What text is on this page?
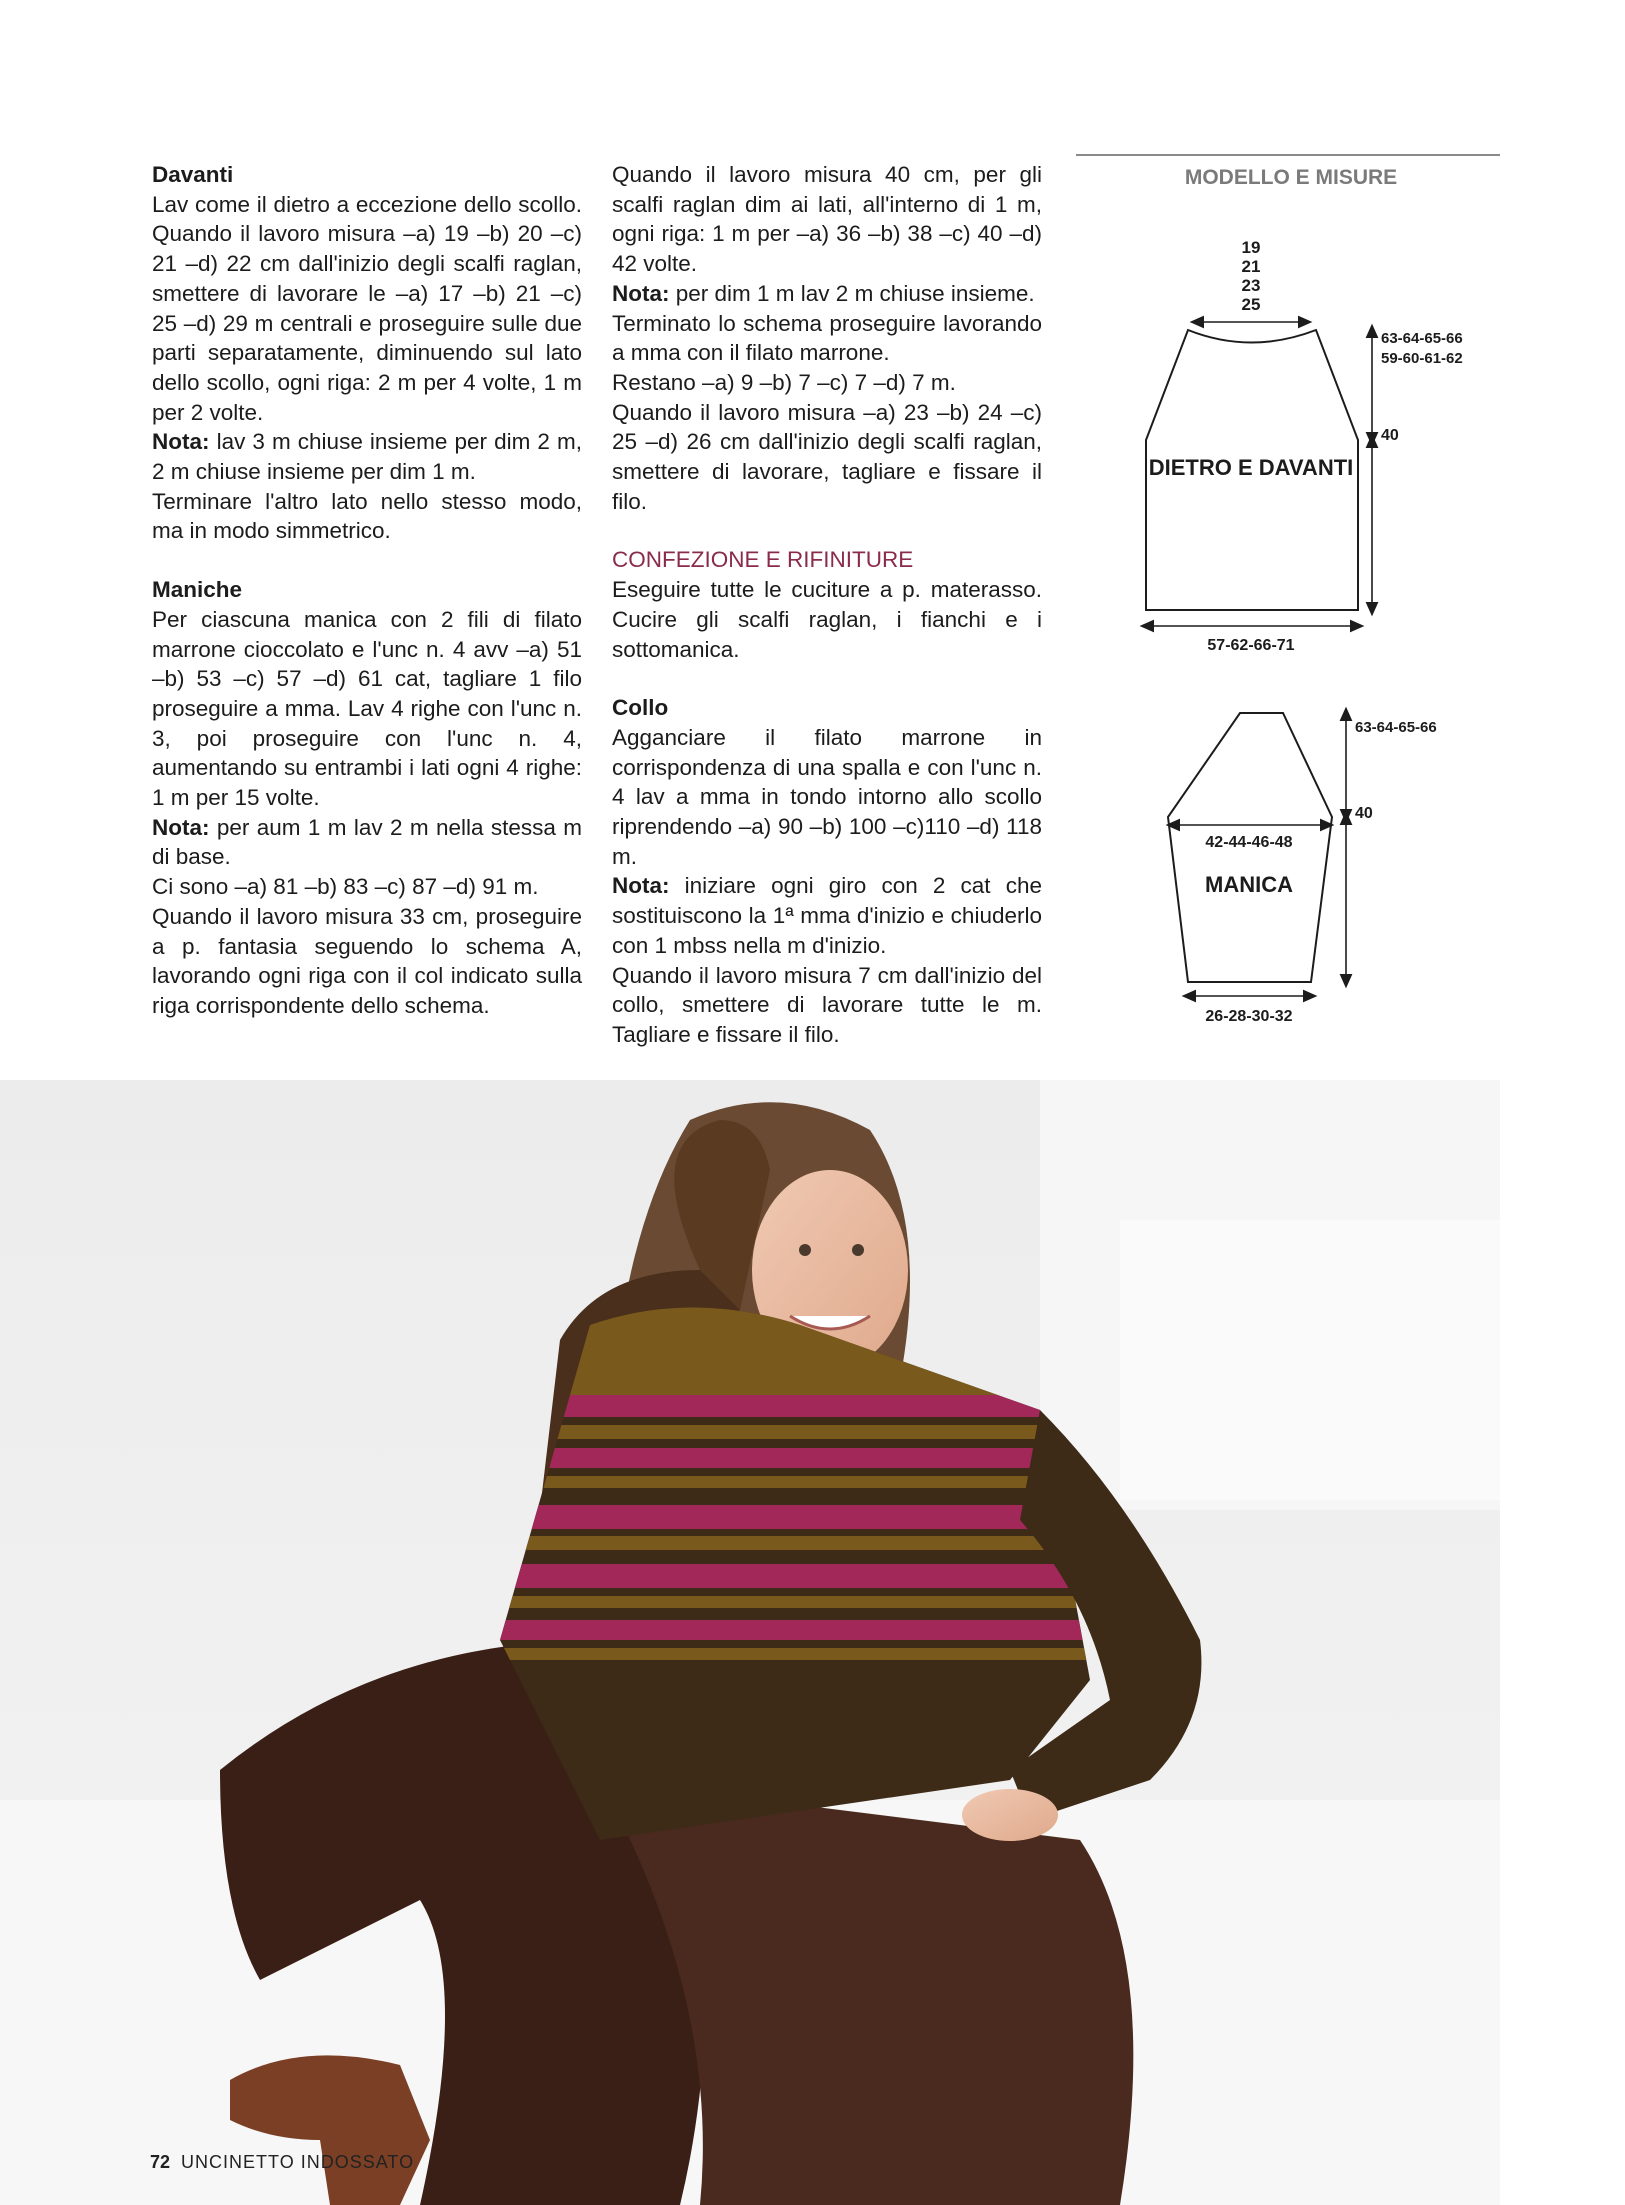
Davanti

Lav come il dietro a eccezione dello scollo. Quando il lavoro misura –a) 19 –b) 20 –c) 21 –d) 22 cm dall'inizio degli scalfi raglan, smettere di lavorare le –a) 17 –b) 21 –c) 25 –d) 29 m centrali e proseguire sulle due parti separatamente, diminuendo sul lato dello scollo, ogni riga: 2 m per 4 volte, 1 m per 2 volte.

Nota: lav 3 m chiuse insieme per dim 2 m, 2 m chiuse insieme per dim 1 m.

Terminare l'altro lato nello stesso modo, ma in modo simmetrico.

Maniche

Per ciascuna manica con 2 fili di filato marrone cioccolato e l'unc n. 4 avv –a) 51 –b) 53 –c) 57 –d) 61 cat, tagliare 1 filo proseguire a mma. Lav 4 righe con l'unc n. 3, poi proseguire con l'unc n. 4, aumentando su entrambi i lati ogni 4 righe: 1 m per 15 volte.

Nota: per aum 1 m lav 2 m nella stessa m di base.

Ci sono –a) 81 –b) 83 –c) 87 –d) 91 m.

Quando il lavoro misura 33 cm, proseguire a p. fantasia seguendo lo schema A, lavorando ogni riga con il col indicato sulla riga corrispondente dello schema.

Quando il lavoro misura 40 cm, per gli scalfi raglan dim ai lati, all'interno di 1 m, ogni riga: 1 m per –a) 36 –b) 38 –c) 40 –d) 42 volte.

Nota: per dim 1 m lav 2 m chiuse insieme.

Terminato lo schema proseguire lavorando a mma con il filato marrone.

Restano –a) 9 –b) 7 –c) 7 –d) 7 m.

Quando il lavoro misura –a) 23 –b) 24 –c) 25 –d) 26 cm dall'inizio degli scalfi raglan, smettere di lavorare, tagliare e fissare il filo.

CONFEZIONE E RIFINITURE

Eseguire tutte le cuciture a p. materasso. Cucire gli scalfi raglan, i fianchi e i sottomanica.

Collo

Agganciare il filato marrone in corrispondenza di una spalla e con l'unc n. 4 lav a mma in tondo intorno allo scollo riprendendo –a) 90 –b) 100 –c)110 –d) 118 m.

Nota: iniziare ogni giro con 2 cat che sostituiscono la 1ª mma d'inizio e chiuderlo con 1 mbss nella m d'inizio.

Quando il lavoro misura 7 cm dall'inizio del collo, smettere di lavorare tutte le m. Tagliare e fissare il filo.

MODELLO E MISURE
19
21
23
25
DIETRO E DAVANTI
57-62-66-71
63-64-65-66
59-60-61-62
40
MANICA
42-44-46-48
26-28-30-32
63-64-65-66
40
72 UNCINETTO INDOSSATO
